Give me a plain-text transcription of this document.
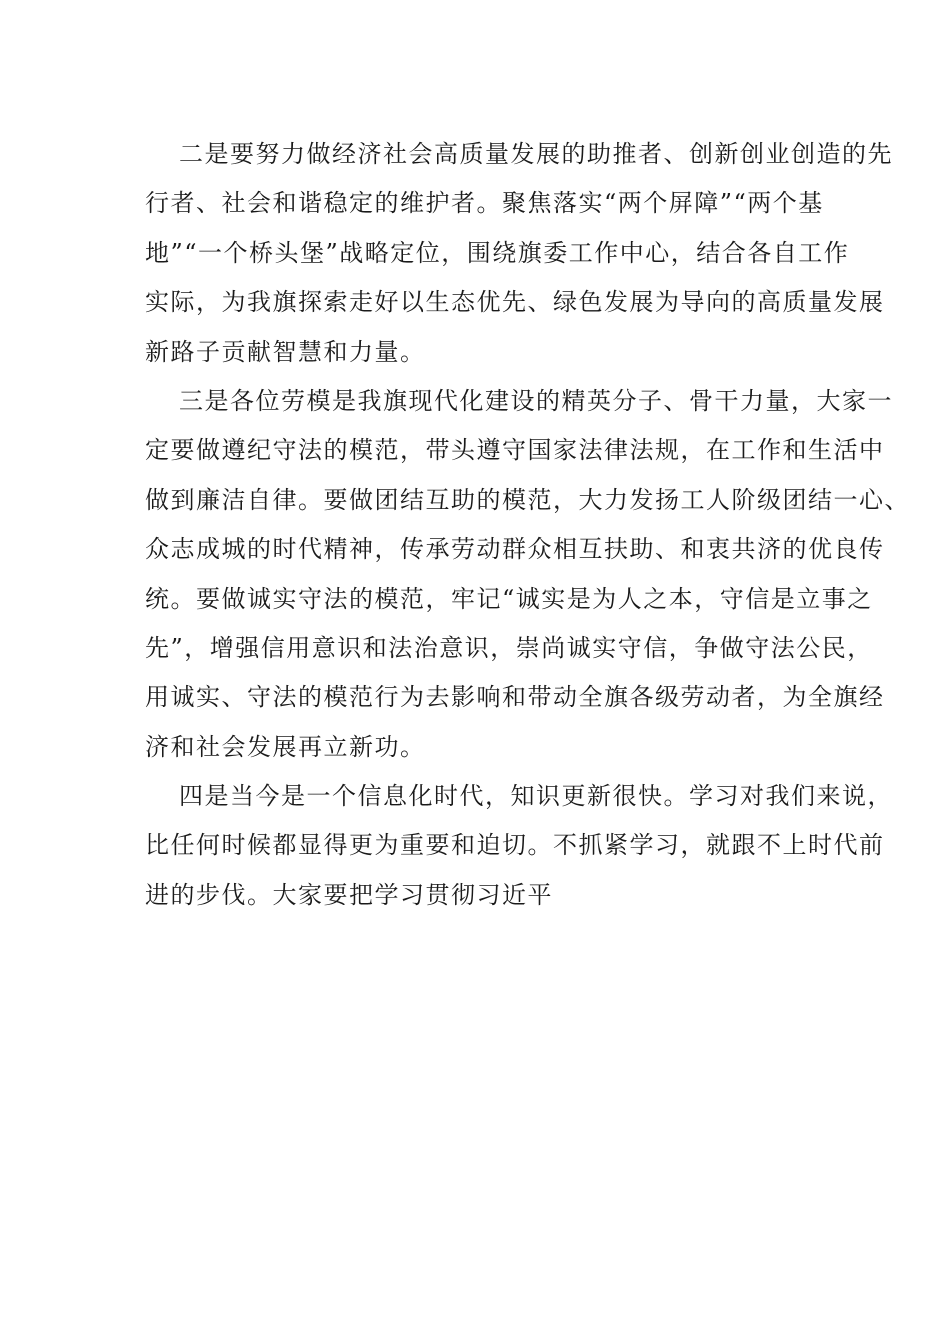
二是要努力做经济社会高质量发展的助推者、创新创业创造的先
行者、社会和谐稳定的维护者。聚焦落实“两个屏障”“两个基
地”“一个桥头堡”战略定位，围绕旗委工作中心，结合各自工作
实际，为我旗探索走好以生态优先、绿色发展为导向的高质量发展
新路子贡献智慧和力量。
三是各位劳模是我旗现代化建设的精英分子、骨干力量，大家一
定要做遵纪守法的模范，带头遵守国家法律法规，在工作和生活中
做到廉洁自律。要做团结互助的模范，大力发扬工人阶级团结一心、
众志成城的时代精神，传承劳动群众相互扶助、和衷共济的优良传
统。要做诚实守法的模范，牢记“诚实是为人之本，守信是立事之
先”，增强信用意识和法治意识，崇尚诚实守信，争做守法公民，
用诚实、守法的模范行为去影响和带动全旗各级劳动者，为全旗经
济和社会发展再立新功。
四是当今是一个信息化时代，知识更新很快。学习对我们来说，
比任何时候都显得更为重要和迫切。不抓紧学习，就跟不上时代前
进的步伐。大家要把学习贯彻习近平
